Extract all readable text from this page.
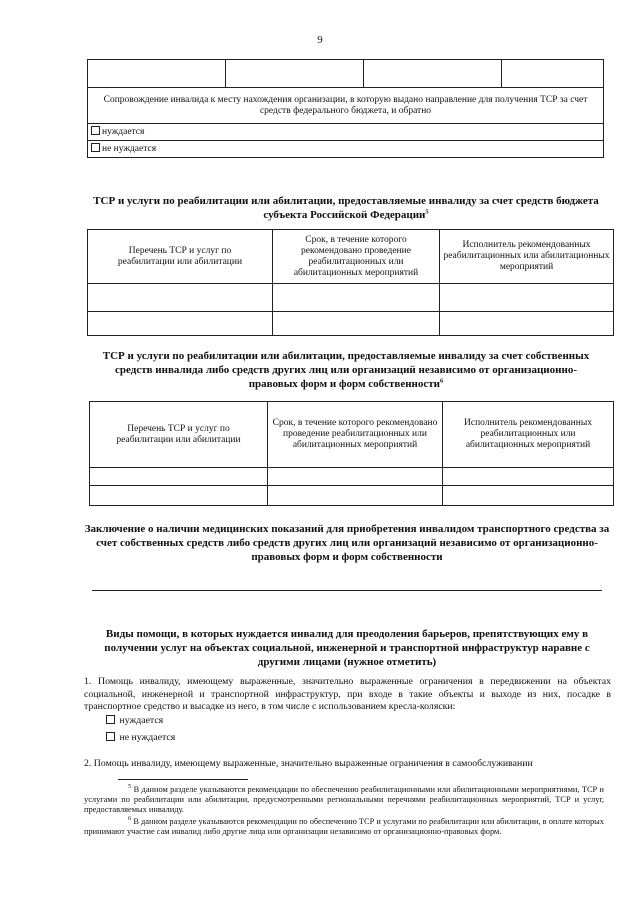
9

Сопровождение инвалида к месту нахождения организации, в которую выдано направление для получения ТСР за счет средств федерального бюджета, и обратно
нуждается
не нуждается
ТСР и услуги по реабилитации или абилитации, предоставляемые инвалиду за счет средств бюджета субъекта Российской Федерации$^5$
Перечень ТСР и услуг по реабилитации или абилитации	Срок, в течение которого рекомендовано проведение реабилитационных или абилитационных мероприятий	Исполнитель рекомендованных реабилитационных или абилитационных мероприятий

ТСР и услуги по реабилитации или абилитации, предоставляемые инвалиду за счет собственных средств инвалида либо средств других лиц или организаций независимо от организационно-правовых форм и форм собственности$^6$
Перечень ТСР и услуг по реабилитации или абилитации	Срок, в течение которого рекомендовано проведение реабилитационных или абилитационных мероприятий	Исполнитель рекомендованных реабилитационных или абилитационных мероприятий

Заключение о наличии медицинских показаний для приобретения инвалидом транспортного средства за счет собственных средств либо средств других лиц или организаций независимо от организационно-правовых форм и форм собственности
Виды помощи, в которых нуждается инвалид для преодоления барьеров, препятствующих ему в получении услуг на объектах социальной, инженерной и транспортной инфраструктур наравне с другими лицами (нужное отметить)
1. Помощь инвалиду, имеющему выраженные, значительно выраженные ограничения в передвижении на объектах социальной, инженерной и транспортной инфраструктур, при входе в такие объекты и выходе из них, посадке в транспортное средство и высадке из него, в том числе с использованием кресла-коляски:
нуждается
не нуждается
2. Помощь инвалиду, имеющему выраженные, значительно выраженные ограничения в самообслуживании
$^5$ В данном разделе указываются рекомендации по обеспечению реабилитационными или абилитационными мероприятиями, ТСР и услугами по реабилитации или абилитации, предусмотренными региональными перечнями реабилитационных мероприятий, ТСР и услуг, предоставляемых инвалиду.
$^6$ В данном разделе указываются рекомендации по обеспечению ТСР и услугами по реабилитации или абилитации, в оплате которых принимают участие сам инвалид либо другие лица или организации независимо от организационно-правовых форм.
